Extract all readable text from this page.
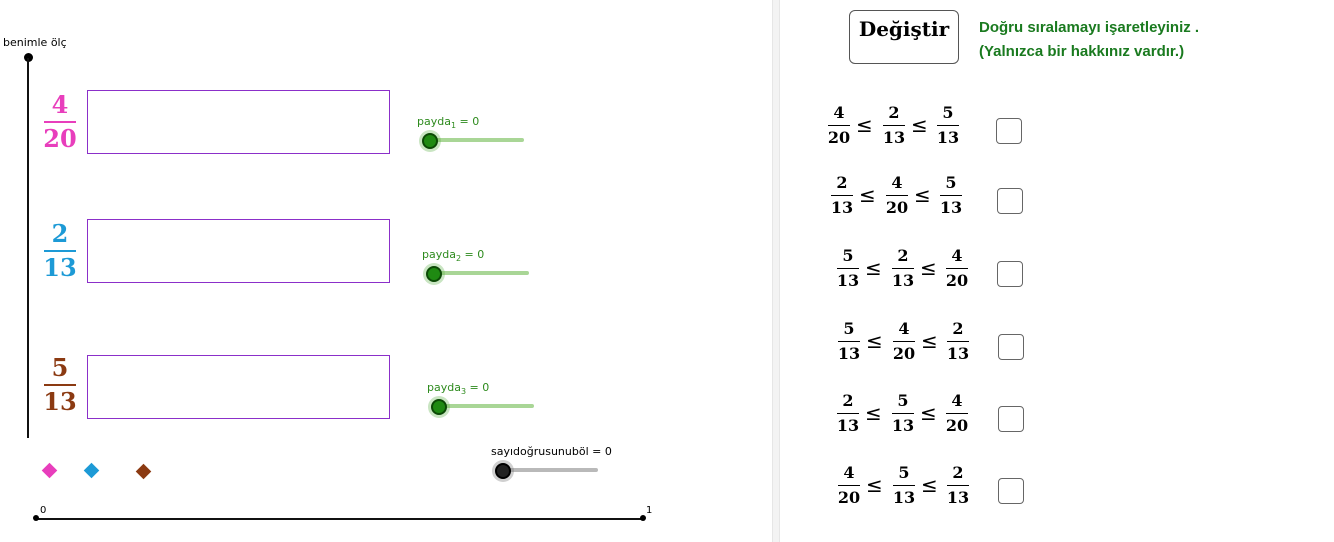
benimle ölç
4
20
2
13
5
13
payda$_1$ = 0
payda$_2$ = 0
payda$_3$ = 0
sayıdoğrusunuböl = 0
0	1
Değiştir	Doğru sıralamayı işaretleyiniz .
(Yalnızca bir hakkınız vardır.)
4
20
≤
2
13
≤
5
13
2
13
≤
4
20
≤
5
13
5
13
≤
2
13
≤
4
20
5
13
≤
4
20
≤
2
13
2
13
≤
5
13
≤
4
20
4
20
≤
5
13
≤
2
13
